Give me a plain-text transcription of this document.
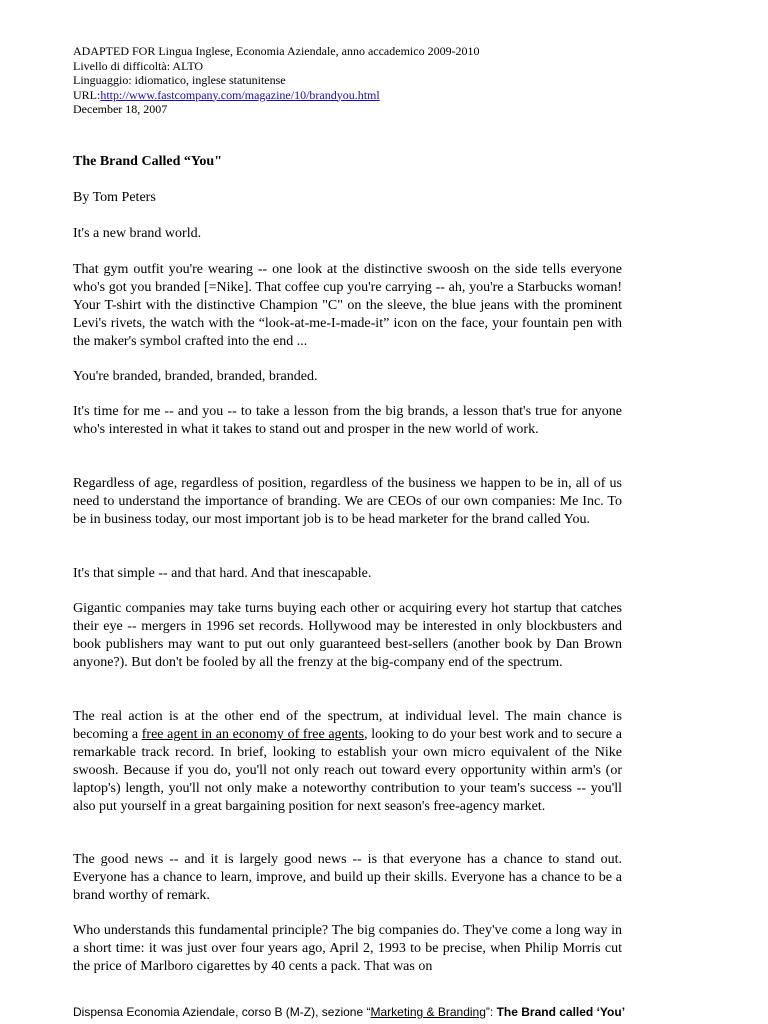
ADAPTED FOR Lingua Inglese, Economia Aziendale, anno accademico 2009-2010
Livello di difficoltà: ALTO
Linguaggio: idiomatico, inglese statunitense
URL:http://www.fastcompany.com/magazine/10/brandyou.html
December 18, 2007
The Brand Called “You"
By Tom Peters
It's a new brand world.
That gym outfit you're wearing -- one look at the distinctive swoosh on the side tells everyone who's got you branded [=Nike]. That coffee cup you're carrying -- ah, you're a Starbucks woman! Your T-shirt with the distinctive Champion "C" on the sleeve, the blue jeans with the prominent Levi's rivets, the watch with the “look-at-me-I-made-it” icon on the face, your fountain pen with the maker's symbol crafted into the end ...
You're branded, branded, branded, branded.
It's time for me -- and you -- to take a lesson from the big brands, a lesson that's true for anyone who's interested in what it takes to stand out and prosper in the new world of work.
Regardless of age, regardless of position, regardless of the business we happen to be in, all of us need to understand the importance of branding. We are CEOs of our own companies: Me Inc. To be in business today, our most important job is to be head marketer for the brand called You.
It's that simple -- and that hard. And that inescapable.
Gigantic companies may take turns buying each other or acquiring every hot startup that catches their eye -- mergers in 1996 set records. Hollywood may be interested in only blockbusters and book publishers may want to put out only guaranteed best-sellers (another book by Dan Brown anyone?). But don't be fooled by all the frenzy at the big-company end of the spectrum.
The real action is at the other end of the spectrum, at individual level. The main chance is becoming a free agent in an economy of free agents, looking to do your best work and to secure a remarkable track record. In brief, looking to establish your own micro equivalent of the Nike swoosh. Because if you do, you'll not only reach out toward every opportunity within arm's (or laptop's) length, you'll not only make a noteworthy contribution to your team's success -- you'll also put yourself in a great bargaining position for next season's free-agency market.
The good news -- and it is largely good news -- is that everyone has a chance to stand out. Everyone has a chance to learn, improve, and build up their skills. Everyone has a chance to be a brand worthy of remark.
Who understands this fundamental principle? The big companies do. They've come a long way in a short time: it was just over four years ago, April 2, 1993 to be precise, when Philip Morris cut the price of Marlboro cigarettes by 40 cents a pack. That was on
Dispensa Economia Aziendale, corso B (M-Z), sezione “Marketing & Branding”: The Brand called ‘You’
